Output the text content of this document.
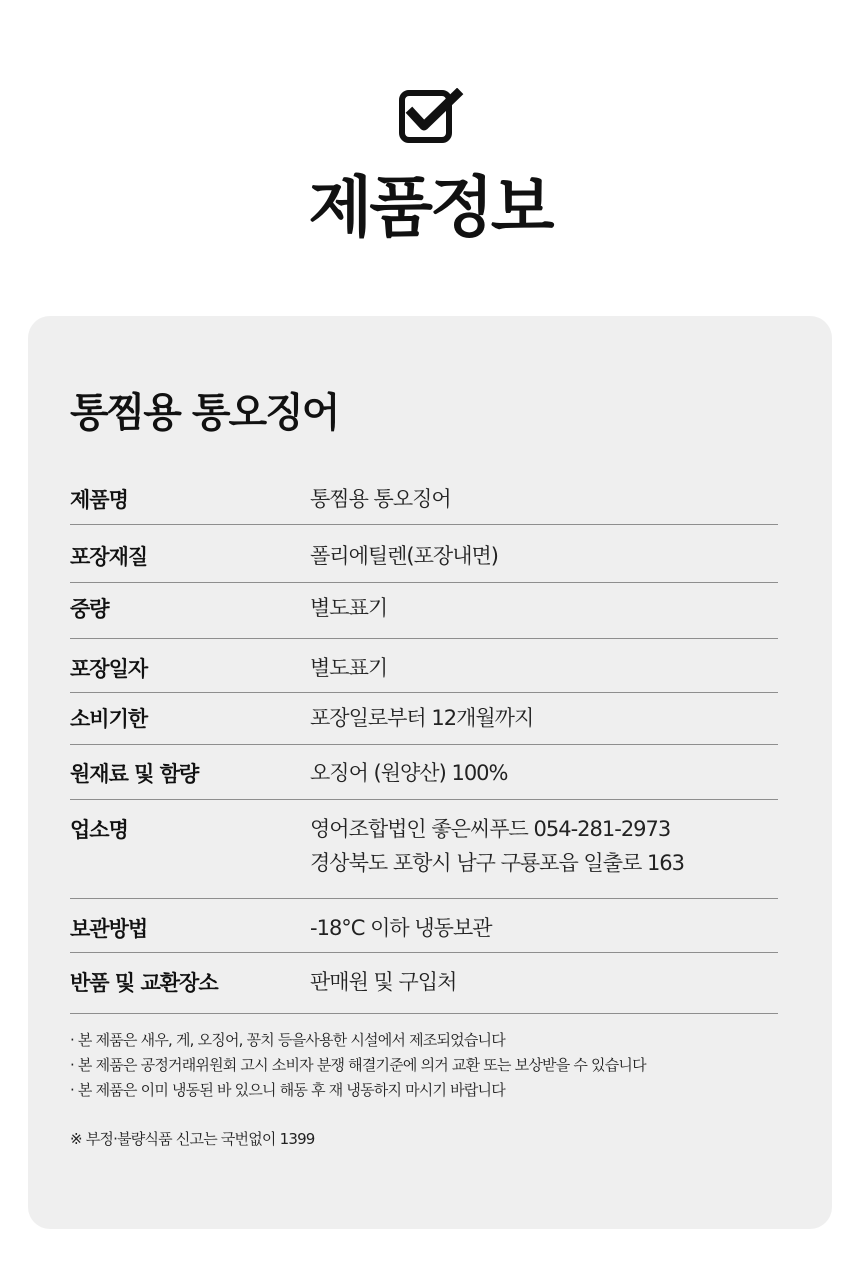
제품정보
통찜용 통오징어
제품명	통찜용 통오징어
포장재질	폴리에틸렌(포장내면)
중량	별도표기
포장일자	별도표기
소비기한	포장일로부터 12개월까지
원재료 및 함량	오징어 (원양산) 100%
업소명	영어조합법인 좋은씨푸드 054-281-2973
경상북도 포항시 남구 구룡포읍 일출로 163
보관방법	-18°C 이하 냉동보관
반품 및 교환장소	판매원 및 구입처
· 본 제품은 새우, 게, 오징어, 꽁치 등을사용한 시설에서 제조되었습니다
· 본 제품은 공정거래위원회 고시 소비자 분쟁 해결기준에 의거 교환 또는 보상받을 수 있습니다
· 본 제품은 이미 냉동된 바 있으니 해동 후 재 냉동하지 마시기 바랍니다
※ 부정·불량식품 신고는 국번없이 1399
